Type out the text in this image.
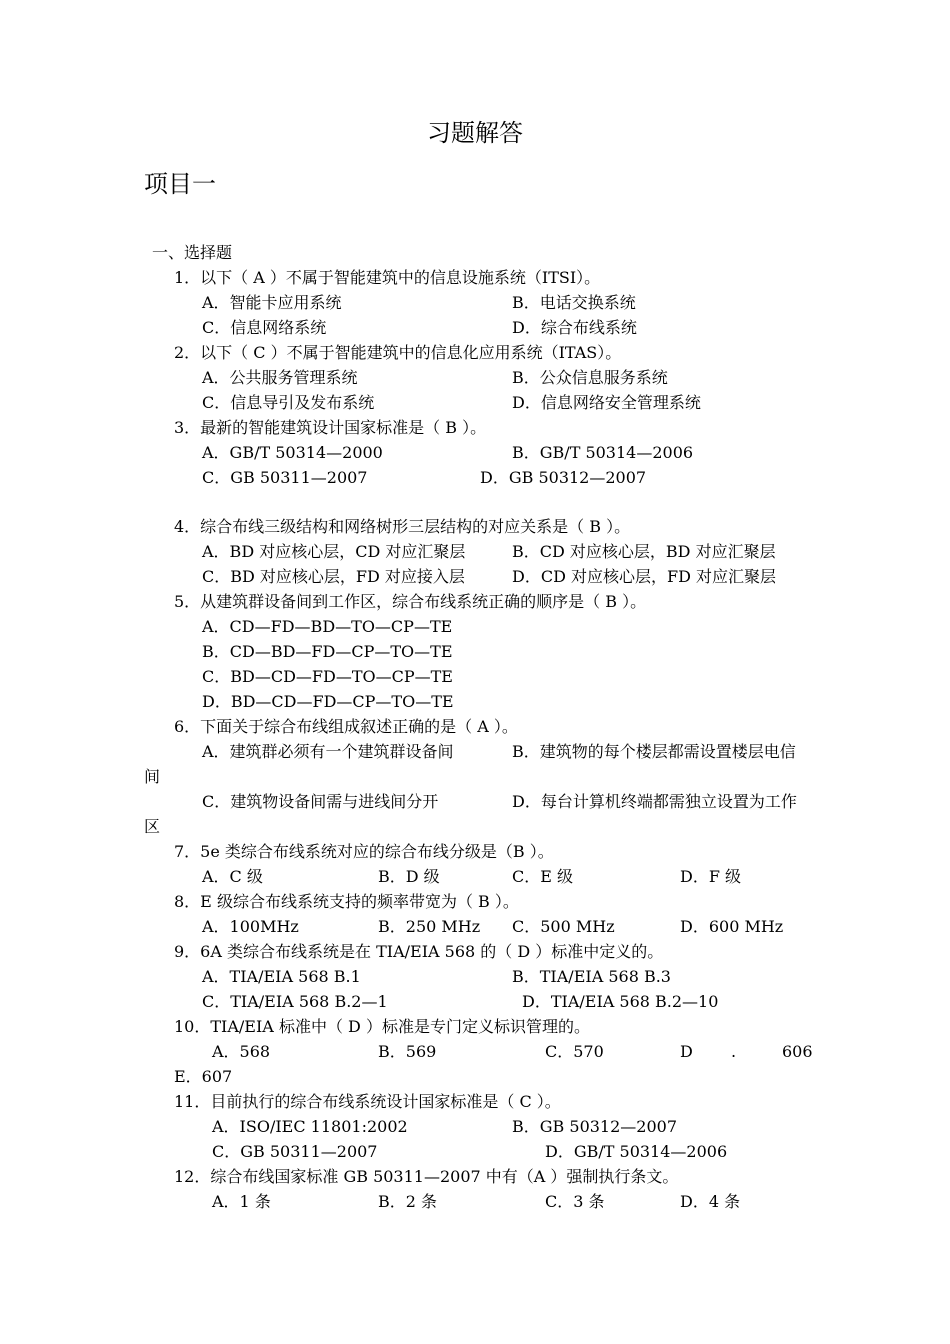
习题解答
项目一
一、选择题
1．以下（ A ）不属于智能建筑中的信息设施系统（ITSI）。
A．智能卡应用系统	B．电话交换系统
C．信息网络系统	D．综合布线系统
2．以下（ C ）不属于智能建筑中的信息化应用系统（ITAS）。
A．公共服务管理系统	B．公众信息服务系统
C．信息导引及发布系统	D．信息网络安全管理系统
3．最新的智能建筑设计国家标准是（ B ）。
A．GB/T 50314—2000	B．GB/T 50314—2006
C．GB 50311—2007	D．GB 50312—2007
4．综合布线三级结构和网络树形三层结构的对应关系是（ B ）。
A．BD 对应核心层，CD 对应汇聚层	B．CD 对应核心层，BD 对应汇聚层
C．BD 对应核心层，FD 对应接入层	D．CD 对应核心层，FD 对应汇聚层
5．从建筑群设备间到工作区，综合布线系统正确的顺序是（ B ）。
A．CD—FD—BD—TO—CP—TE
B．CD—BD—FD—CP—TO—TE
C．BD—CD—FD—TO—CP—TE
D．BD—CD—FD—CP—TO—TE
6．下面关于综合布线组成叙述正确的是（ A ）。
A．建筑群必须有一个建筑群设备间	B．建筑物的每个楼层都需设置楼层电信
间
C．建筑物设备间需与进线间分开	D．每台计算机终端都需独立设置为工作
区
7．5e 类综合布线系统对应的综合布线分级是（B ）。
A．C 级	B．D 级	C．E 级	D．F 级
8．E 级综合布线系统支持的频率带宽为（ B ）。
A．100MHz	B．250 MHz C．500 MHz	D．600 MHz
9．6A 类综合布线系统是在 TIA/EIA 568 的（ D ）标准中定义的。
A．TIA/EIA 568 B.1	B．TIA/EIA 568 B.3
C．TIA/EIA 568 B.2—1	D．TIA/EIA 568 B.2—10
10．TIA/EIA 标准中（ D ）标准是专门定义标识管理的。
A．568	B．569	C．570	D .	606
E．607
11．目前执行的综合布线系统设计国家标准是（ C ）。
A．ISO/IEC 11801:2002	B．GB 50312—2007
C．GB 50311—2007	D．GB/T 50314—2006
12．综合布线国家标准 GB 50311—2007 中有（A ）强制执行条文。
A．1 条	B．2 条	C．3 条	D．4 条
